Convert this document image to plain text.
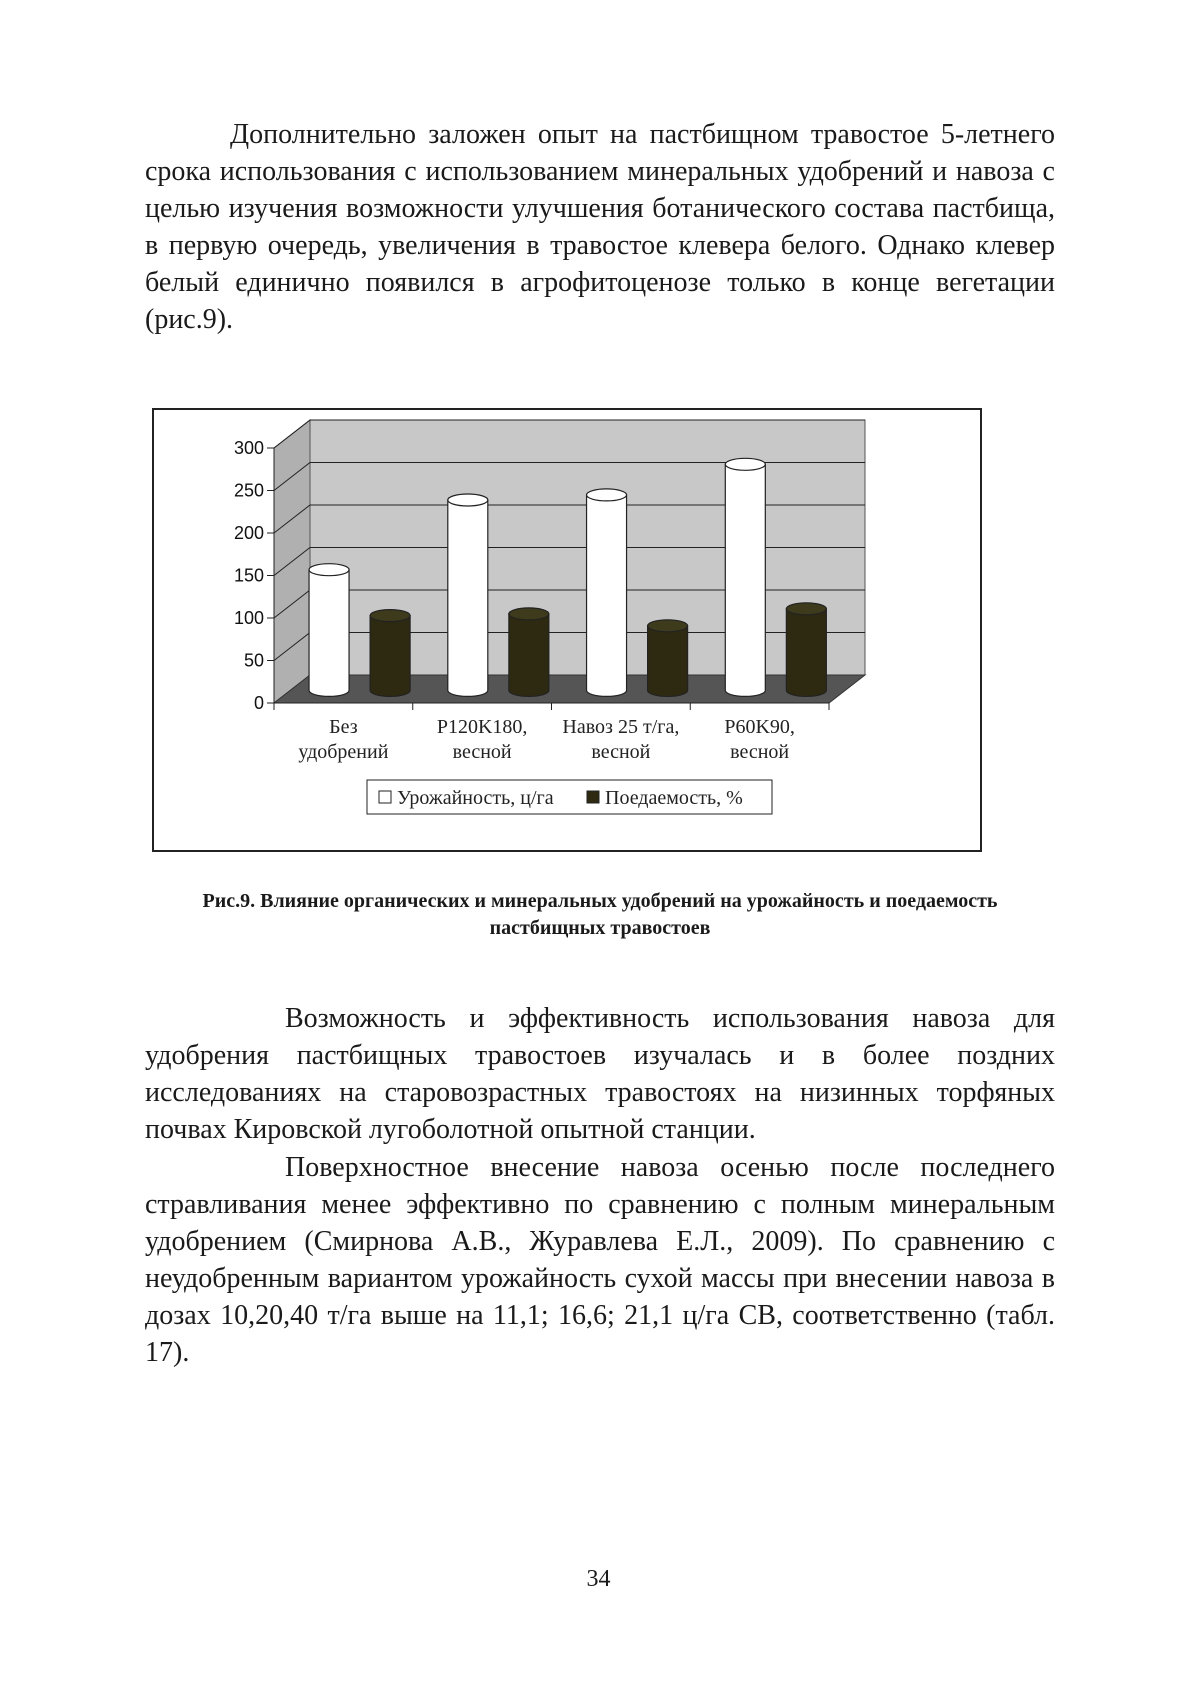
Дополнительно заложен опыт на пастбищном травостое 5-летнего срока использования с использованием минеральных удобрений и навоза с целью изучения возможности улучшения ботанического состава пастбища, в первую очередь, увеличения в травостое клевера белого. Однако клевер белый единично появился в агрофитоценозе только в конце вегетации (рис.9).

0
50
100
150
200
250
300
Без удобрений
P120K180, весной
Навоз 25 т/га, весной
P60K90, весной
Урожайность, ц/га	Поедаемость, %

Рис.9. Влияние органических и минеральных удобрений на урожайность и поедаемость пастбищных травостоев

Возможность и эффективность использования навоза для удобрения пастбищных травостоев изучалась и в более поздних исследованиях на старовозрастных травостоях на низинных торфяных почвах Кировской лугоболотной опытной станции.

Поверхностное внесение навоза осенью после последнего стравливания менее эффективно по сравнению с полным минеральным удобрением (Смирнова А.В., Журавлева Е.Л., 2009). По сравнению с неудобренным вариантом урожайность сухой массы при внесении навоза в дозах 10,20,40 т/га выше на 11,1; 16,6; 21,1 ц/га СВ, соответственно (табл. 17).

34
